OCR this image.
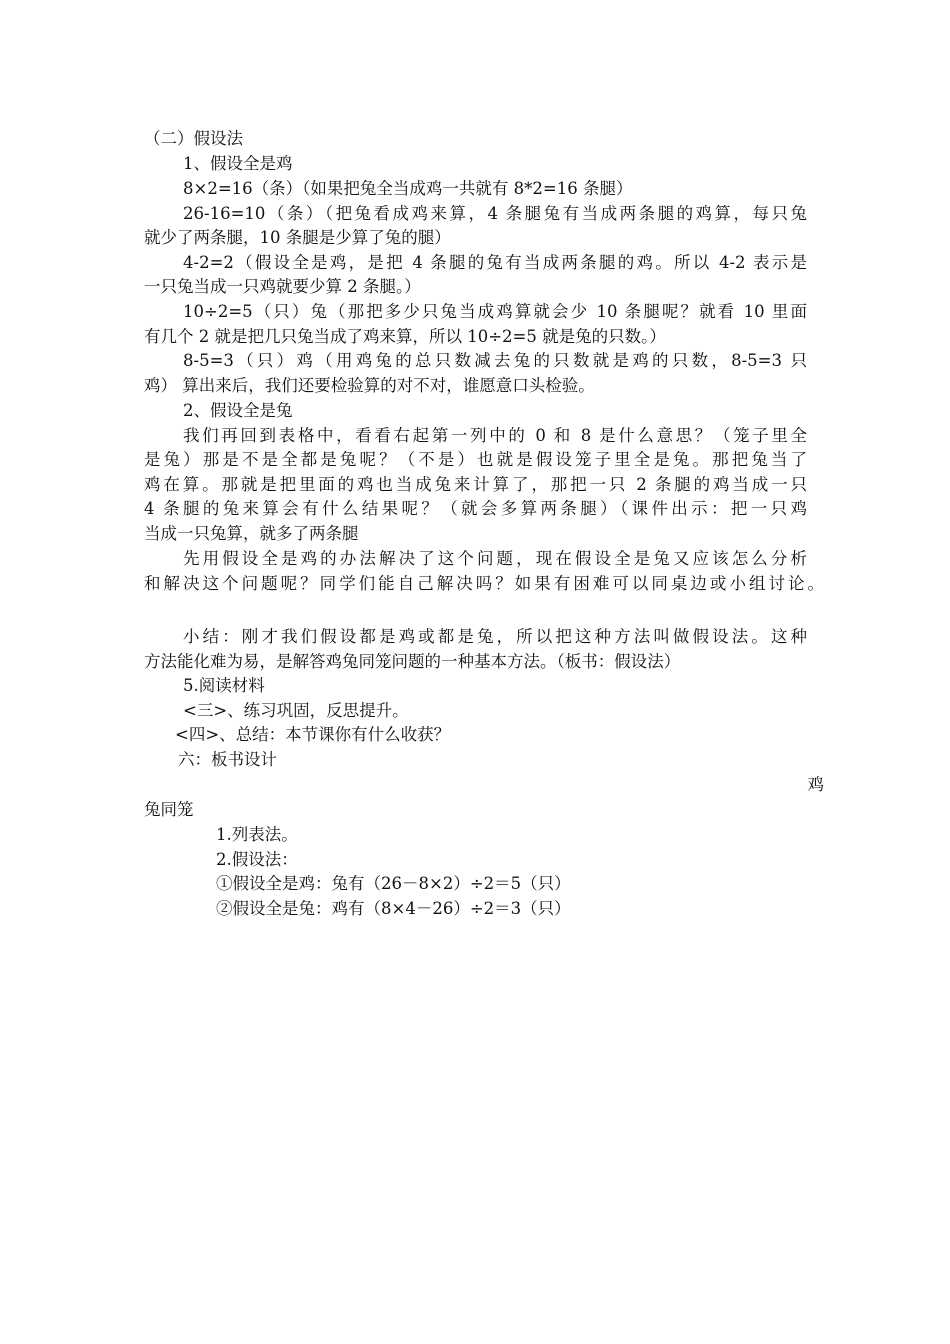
（二）假设法
1、假设全是鸡
8×2=16（条）（如果把兔全当成鸡一共就有 8*2=16 条腿）
26-16=10（条）（把兔看成鸡来算，4 条腿兔有当成两条腿的鸡算，每只兔
就少了两条腿，10 条腿是少算了兔的腿）
4-2=2（假设全是鸡，是把 4 条腿的兔有当成两条腿的鸡。所以 4-2 表示是
一只兔当成一只鸡就要少算 2 条腿。）
10÷2=5（只）兔（那把多少只兔当成鸡算就会少 10 条腿呢？就看 10 里面
有几个 2 就是把几只兔当成了鸡来算，所以 10÷2=5 就是兔的只数。）
8-5=3（只）鸡（用鸡兔的总只数减去兔的只数就是鸡的只数，8-5=3 只
鸡） 算出来后，我们还要检验算的对不对，谁愿意口头检验。
2、假设全是兔
我们再回到表格中，看看右起第一列中的 0 和 8 是什么意思？（笼子里全
是兔）那是不是全都是兔呢？（不是）也就是假设笼子里全是兔。那把兔当了
鸡在算。那就是把里面的鸡也当成兔来计算了，那把一只 2 条腿的鸡当成一只
4 条腿的兔来算会有什么结果呢？（就会多算两条腿）（课件出示：把一只鸡
当成一只兔算，就多了两条腿
先用假设全是鸡的办法解决了这个问题，现在假设全是兔又应该怎么分析
和解决这个问题呢？同学们能自己解决吗？如果有困难可以同桌边或小组讨论。
小结：刚才我们假设都是鸡或都是兔，所以把这种方法叫做假设法。这种
方法能化难为易，是解答鸡兔同笼问题的一种基本方法。（板书：假设法）
5.阅读材料
<三>、练习巩固，反思提升。
<四>、总结：本节课你有什么收获？
六：板书设计
鸡
兔同笼
1.列表法。
2.假设法：
①假设全是鸡：兔有（26－8×2）÷2＝5（只）
②假设全是兔：鸡有（8×4－26）÷2＝3（只）
